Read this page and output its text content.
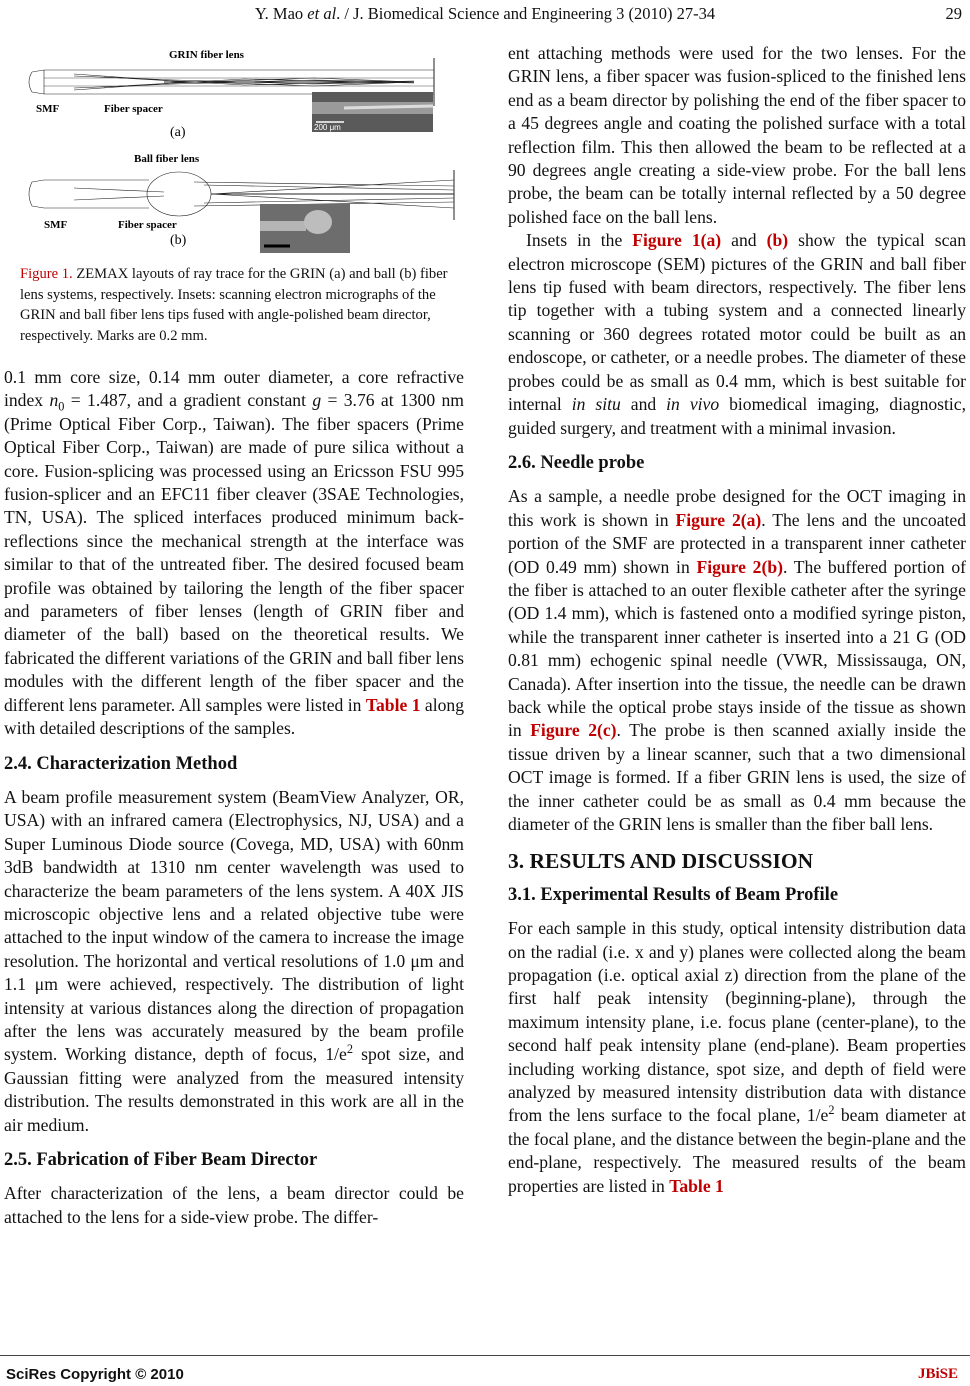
Y. Mao et al. / J. Biomedical Science and Engineering 3 (2010) 27-34	29
GRIN fiber lens
SMF	Fiber spacer
200 μm
(a)
Ball fiber lens
SMF	Fiber spacer
(b)
Figure 1. ZEMAX layouts of ray trace for the GRIN (a) and ball (b) fiber lens systems, respectively. Insets: scanning electron micrographs of the GRIN and ball fiber lens tips fused with angle-polished beam director, respectively. Marks are 0.2 mm.

0.1 mm core size, 0.14 mm outer diameter, a core refractive index $n_0 = 1.487$, and a gradient constant g = 3.76 at 1300 nm (Prime Optical Fiber Corp., Taiwan). The fiber spacers (Prime Optical Fiber Corp., Taiwan) are made of pure silica without a core. Fusion-splicing was processed using an Ericsson FSU 995 fusion-splicer and an EFC11 fiber cleaver (3SAE Technologies, TN, USA). The spliced interfaces produced minimum back-reflections since the mechanical strength at the interface was similar to that of the untreated fiber. The desired focused beam profile was obtained by tailoring the length of the fiber spacer and parameters of fiber lenses (length of GRIN fiber and diameter of the ball) based on the theoretical results. We fabricated the different variations of the GRIN and ball fiber lens modules with the different length of the fiber spacer and the different lens parameter. All samples were listed in Table 1 along with detailed descriptions of the samples.

2.4. Characterization Method

A beam profile measurement system (BeamView Analyzer, OR, USA) with an infrared camera (Electrophysics, NJ, USA) and a Super Luminous Diode source (Covega, MD, USA) with 60nm 3dB bandwidth at 1310 nm center wavelength was used to characterize the beam parameters of the lens system. A 40X JIS microscopic objective lens and a related objective tube were attached to the input window of the camera to increase the image resolution. The horizontal and vertical resolutions of 1.0 μm and 1.1 μm were achieved, respectively. The distribution of light intensity at various distances along the direction of propagation after the lens was accurately measured by the beam profile system. Working distance, depth of focus, $1/e^2$ spot size, and Gaussian fitting were analyzed from the measured intensity distribution. The results demonstrated in this work are all in the air medium.

2.5. Fabrication of Fiber Beam Director

After characterization of the lens, a beam director could be attached to the lens for a side-view probe. The differ-

ent attaching methods were used for the two lenses. For the GRIN lens, a fiber spacer was fusion-spliced to the finished lens end as a beam director by polishing the end of the fiber spacer to a 45 degrees angle and coating the polished surface with a total reflection film. This then allowed the beam to be reflected at a 90 degrees angle creating a side-view probe. For the ball lens probe, the beam can be totally internal reflected by a 50 degree polished face on the ball lens.

Insets in the Figure 1(a) and (b) show the typical scan electron microscope (SEM) pictures of the GRIN and ball fiber lens tip fused with beam directors, respectively. The fiber lens tip together with a tubing system and a connected linearly scanning or 360 degrees rotated motor could be built as an endoscope, or catheter, or a needle probes. The diameter of these probes could be as small as 0.4 mm, which is best suitable for internal in situ and in vivo biomedical imaging, diagnostic, guided surgery, and treatment with a minimal invasion.

2.6. Needle probe

As a sample, a needle probe designed for the OCT imaging in this work is shown in Figure 2(a). The lens and the uncoated portion of the SMF are protected in a transparent inner catheter (OD 0.49 mm) shown in Figure 2(b). The buffered portion of the fiber is attached to an outer flexible catheter after the syringe (OD 1.4 mm), which is fastened onto a modified syringe piston, while the transparent inner catheter is inserted into a 21 G (OD 0.81 mm) echogenic spinal needle (VWR, Mississauga, ON, Canada). After insertion into the tissue, the needle can be drawn back while the optical probe stays inside of the tissue as shown in Figure 2(c). The probe is then scanned axially inside the tissue driven by a linear scanner, such that a two dimensional OCT image is formed. If a fiber GRIN lens is used, the size of the inner catheter could be as small as 0.4 mm because the diameter of the GRIN lens is smaller than the fiber ball lens.

3. RESULTS AND DISCUSSION
3.1. Experimental Results of Beam Profile

For each sample in this study, optical intensity distribution data on the radial (i.e. x and y) planes were collected along the beam propagation (i.e. optical axial z) direction from the plane of the first half peak intensity (beginning-plane), through the maximum intensity plane, i.e. focus plane (center-plane), to the second half peak intensity plane (end-plane). Beam properties including working distance, spot size, and depth of field were analyzed by measured intensity distribution data with distance from the lens surface to the focal plane, $1/e^2$ beam diameter at the focal plane, and the distance between the begin-plane and the end-plane, respectively. The measured results of the beam properties are listed in Table 1

SciRes Copyright © 2010	JBiSE
